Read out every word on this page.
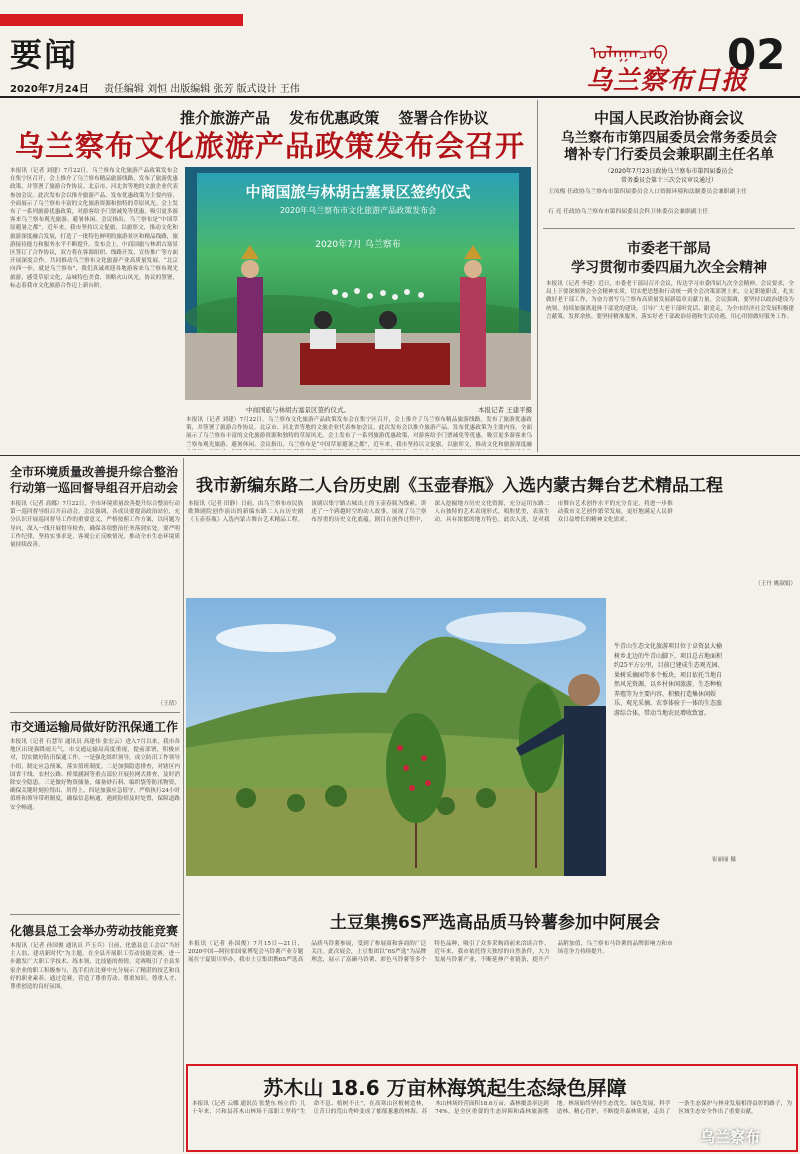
要闻	ᠤᠯᠠᠭᠠᠨᠴᠠᠪ
乌兰察布日报
02
2020年7月24日 责任编辑 刘恒 出版编辑 张芳 版式设计 王伟
推介旅游产品 发布优惠政策 签署合作协议
乌兰察布文化旅游产品政策发布会召开
本报讯（记者 刘建）7月22日，乌兰察布文化旅游产品政策发布会在集宁区召开，会上推介了乌兰察布精品旅游线路，发布了旅游优惠政策，并签署了旅游合作协议。北京市、河北省等地的文旅企业代表参加会议。此次发布会以推介旅游产品、发布优惠政策为主要内容，全面展示了乌兰察布丰富的文化旅游资源和独特的草原风光。会上发布了一系列旅游优惠政策，对游客给予门票减免等优惠，吸引更多游客来乌兰察布观光旅游、避暑休闲。会议指出，乌兰察布是“中国草原避暑之都”，近年来，我市坚持以文促旅、以旅彰文，推动文化和旅游深度融合发展，打造了一批特色鲜明的旅游景区和精品线路，旅游接待能力和服务水平不断提升。发布会上，中商国旅与林胡古塞景区签订了合作协议，双方将在客源组织、线路开发、宣传推广等方面开展深度合作，共同推动乌兰察布文化旅游产业高质量发展。“北京向西一步，就是乌兰察布”，我们真诚欢迎各地游客来乌兰察布观光旅游，感受草原文化，品味特色美食，领略火山风光。协议的签署，标志着我市文化旅游合作迈上新台阶。
中商国旅与林胡古塞景区签约仪式
2020年乌兰察布市文化旅游产品政策发布会
2020年7月 乌兰察布
中商国旅与林胡古塞景区签约仪式。	本报记者 王建平摄
本报讯（记者 刘建）7月22日，乌兰察布文化旅游产品政策发布会在集宁区召开，会上推介了乌兰察布精品旅游线路，发布了旅游优惠政策，并签署了旅游合作协议。北京市、河北省等地的文旅企业代表参加会议。此次发布会以推介旅游产品、发布优惠政策为主要内容，全面展示了乌兰察布丰富的文化旅游资源和独特的草原风光。会上发布了一系列旅游优惠政策，对游客给予门票减免等优惠，吸引更多游客来乌兰察布观光旅游、避暑休闲。会议指出，乌兰察布是“中国草原避暑之都”，近年来，我市坚持以文促旅、以旅彰文，推动文化和旅游深度融
中国人民政治协商会议
乌兰察布市第四届委员会常务委员会
增补专门行委员会兼职副主任名单
（2020年7月23日政协乌兰察布市第四届委员会
常务委员会第十三次会议审议通过）
王凤梅 任政协乌兰察布市第四届委员会人口资源环境和法制委员会兼职副主任
石 亮 任政协乌兰察布市第四届委员会科卫体委员会兼职副主任
市委老干部局
学习贯彻市委四届九次全会精神
本报讯（记者 李建）近日，市委老干部局召开会议，传达学习市委四届九次全会精神。会议要求，全局上下要深刻领会全会精神实质，切实把思想和行动统一到全会决策部署上来，立足职能职责，扎实做好老干部工作，为奋力谱写乌兰察布高质量发展新篇章贡献力量。会议强调，要坚持以政治建设为统领，持续加强离退休干部党的建设，引导广大老干部听党话、跟党走，为全市经济社会发展积极建言献策、发挥余热。要坚持精准服务，落实好老干部政治待遇和生活待遇，用心用情做好服务工作。
全市环境质量改善提升综合整治行动第一巡回督导组召开启动会
本报讯（记者 高娜）7月22日，全市环境质量改善提升综合整治行动第一巡回督导组召开启动会。会议强调，各成员要提高政治站位，充分认识开展巡回督导工作的重要意义，严格按照工作方案，以问题为导向，深入一线开展督导检查，确保各项整治任务落到实处。要严明工作纪律，坚持实事求是，客观公正反映情况，推动全市生态环境质量持续改善。
（王倩）
市交通运输局做好防汛保通工作
本报讯（记者 石慧军 通讯员 高建伟 张宏云）进入7月以来，我市各地区出现强降雨天气，市交通运输局高度重视，提前部署，积极应对，切实做好防汛保通工作。一是强化组织领导，成立防汛工作领导小组，制定应急预案，落实值班制度。二是加强隐患排查，对辖区内国省干线、农村公路、桥梁涵洞等重点部位开展拉网式排查，及时消除安全隐患。三是做好物资储备，储备砂石料、编织袋等防汛物资，确保关键时刻拉得出、用得上。四是加强应急值守，严格执行24小时值班和领导带班制度，确保信息畅通，遇到险情及时处置，保障道路安全畅通。
化德县总工会举办劳动技能竞赛
本报讯（记者 孙国俊 通讯员 芦玉兵）日前，化德县总工会以“当好主人翁、建功新时代”为主题，在全县开展职工劳动技能竞赛，进一步激发广大职工学技术、练本领、比技能的热情。竞赛吸引了全县多家企业的职工积极参与，选手们在比赛中充分展示了精湛的技艺和良好的职业素养。通过竞赛，营造了尊重劳动、尊重知识、尊重人才、尊重创造的良好氛围。
我市新编东路二人台历史剧《玉壶春瓶》入选内蒙古舞台艺术精品工程
本报讯（记者 田静）日前，由乌兰察布市民族歌舞剧院创作演出的新编东路二人台历史剧《玉壶春瓶》入选内蒙古舞台艺术精品工程。该剧以集宁路古城出土的玉壶春瓶为线索，讲述了一个跨越时空的动人故事，展现了乌兰察布厚重的历史文化底蕴。剧目在创作过程中，深入挖掘地方历史文化资源，充分运用东路二人台独特的艺术表现形式，唱腔优美，表演生动，具有浓郁的地方特色。此次入选，是对我市舞台艺术创作水平的充分肯定，将进一步推动我市文艺创作繁荣发展，更好地满足人民群众日益增长的精神文化需求。
（王丹 姚淑娟）
牛青山生态文化旅游项目位于卓资县大榆树乡北边的牛青山脚下，项目总占地面积约25平方公里，目前已建成生态观光园、果树采摘园等多个板块，项目依托当地自然风光资源，以乡村休闲旅游、生态种植养殖等为主要内容，积极打造集休闲娱乐、观光采摘、农事体验于一体的生态旅游综合体，带动当地农民增收致富。
崔丽丽 摄
土豆集携6S严选高品质马铃薯参加中阿展会
本报讯（记者 孙国俊）7月15日—21日，2020中国—阿拉伯国家博览会马铃薯产业专题展在宁夏银川举办，我市土豆集团携6S严选高品质马铃薯参展，受到了参展商和客商的广泛关注。此次展会，土豆集团以“6S严选”为品牌理念，展示了富硒马铃薯、彩色马铃薯等多个特色品种，吸引了众多采购商前来洽谈合作。近年来，我市依托得天独厚的自然条件，大力发展马铃薯产业，不断延伸产业链条，提升产品附加值，乌兰察布马铃薯的品牌影响力和市场竞争力持续提升。
苏木山 18.6 万亩林海筑起生态绿色屏障
本报讯（记者 云娜 通讯员 张楚东 杨立君）几十年来，兴和县苏木山林场干部职工坚持“生命不息、植树不止”，在高寒山区植树造林，让昔日的荒山秃岭变成了郁郁葱葱的林海。苏木山林场经营面积18.6万亩，森林覆盖率达到74%，是全区重要的生态屏障和森林旅游胜地。林场始终坚持生态优先、绿色发展，科学造林、精心管护，不断提升森林质量，走出了一条生态保护与林业发展相得益彰的路子，为区域生态安全作出了重要贡献。
乌兰察布
